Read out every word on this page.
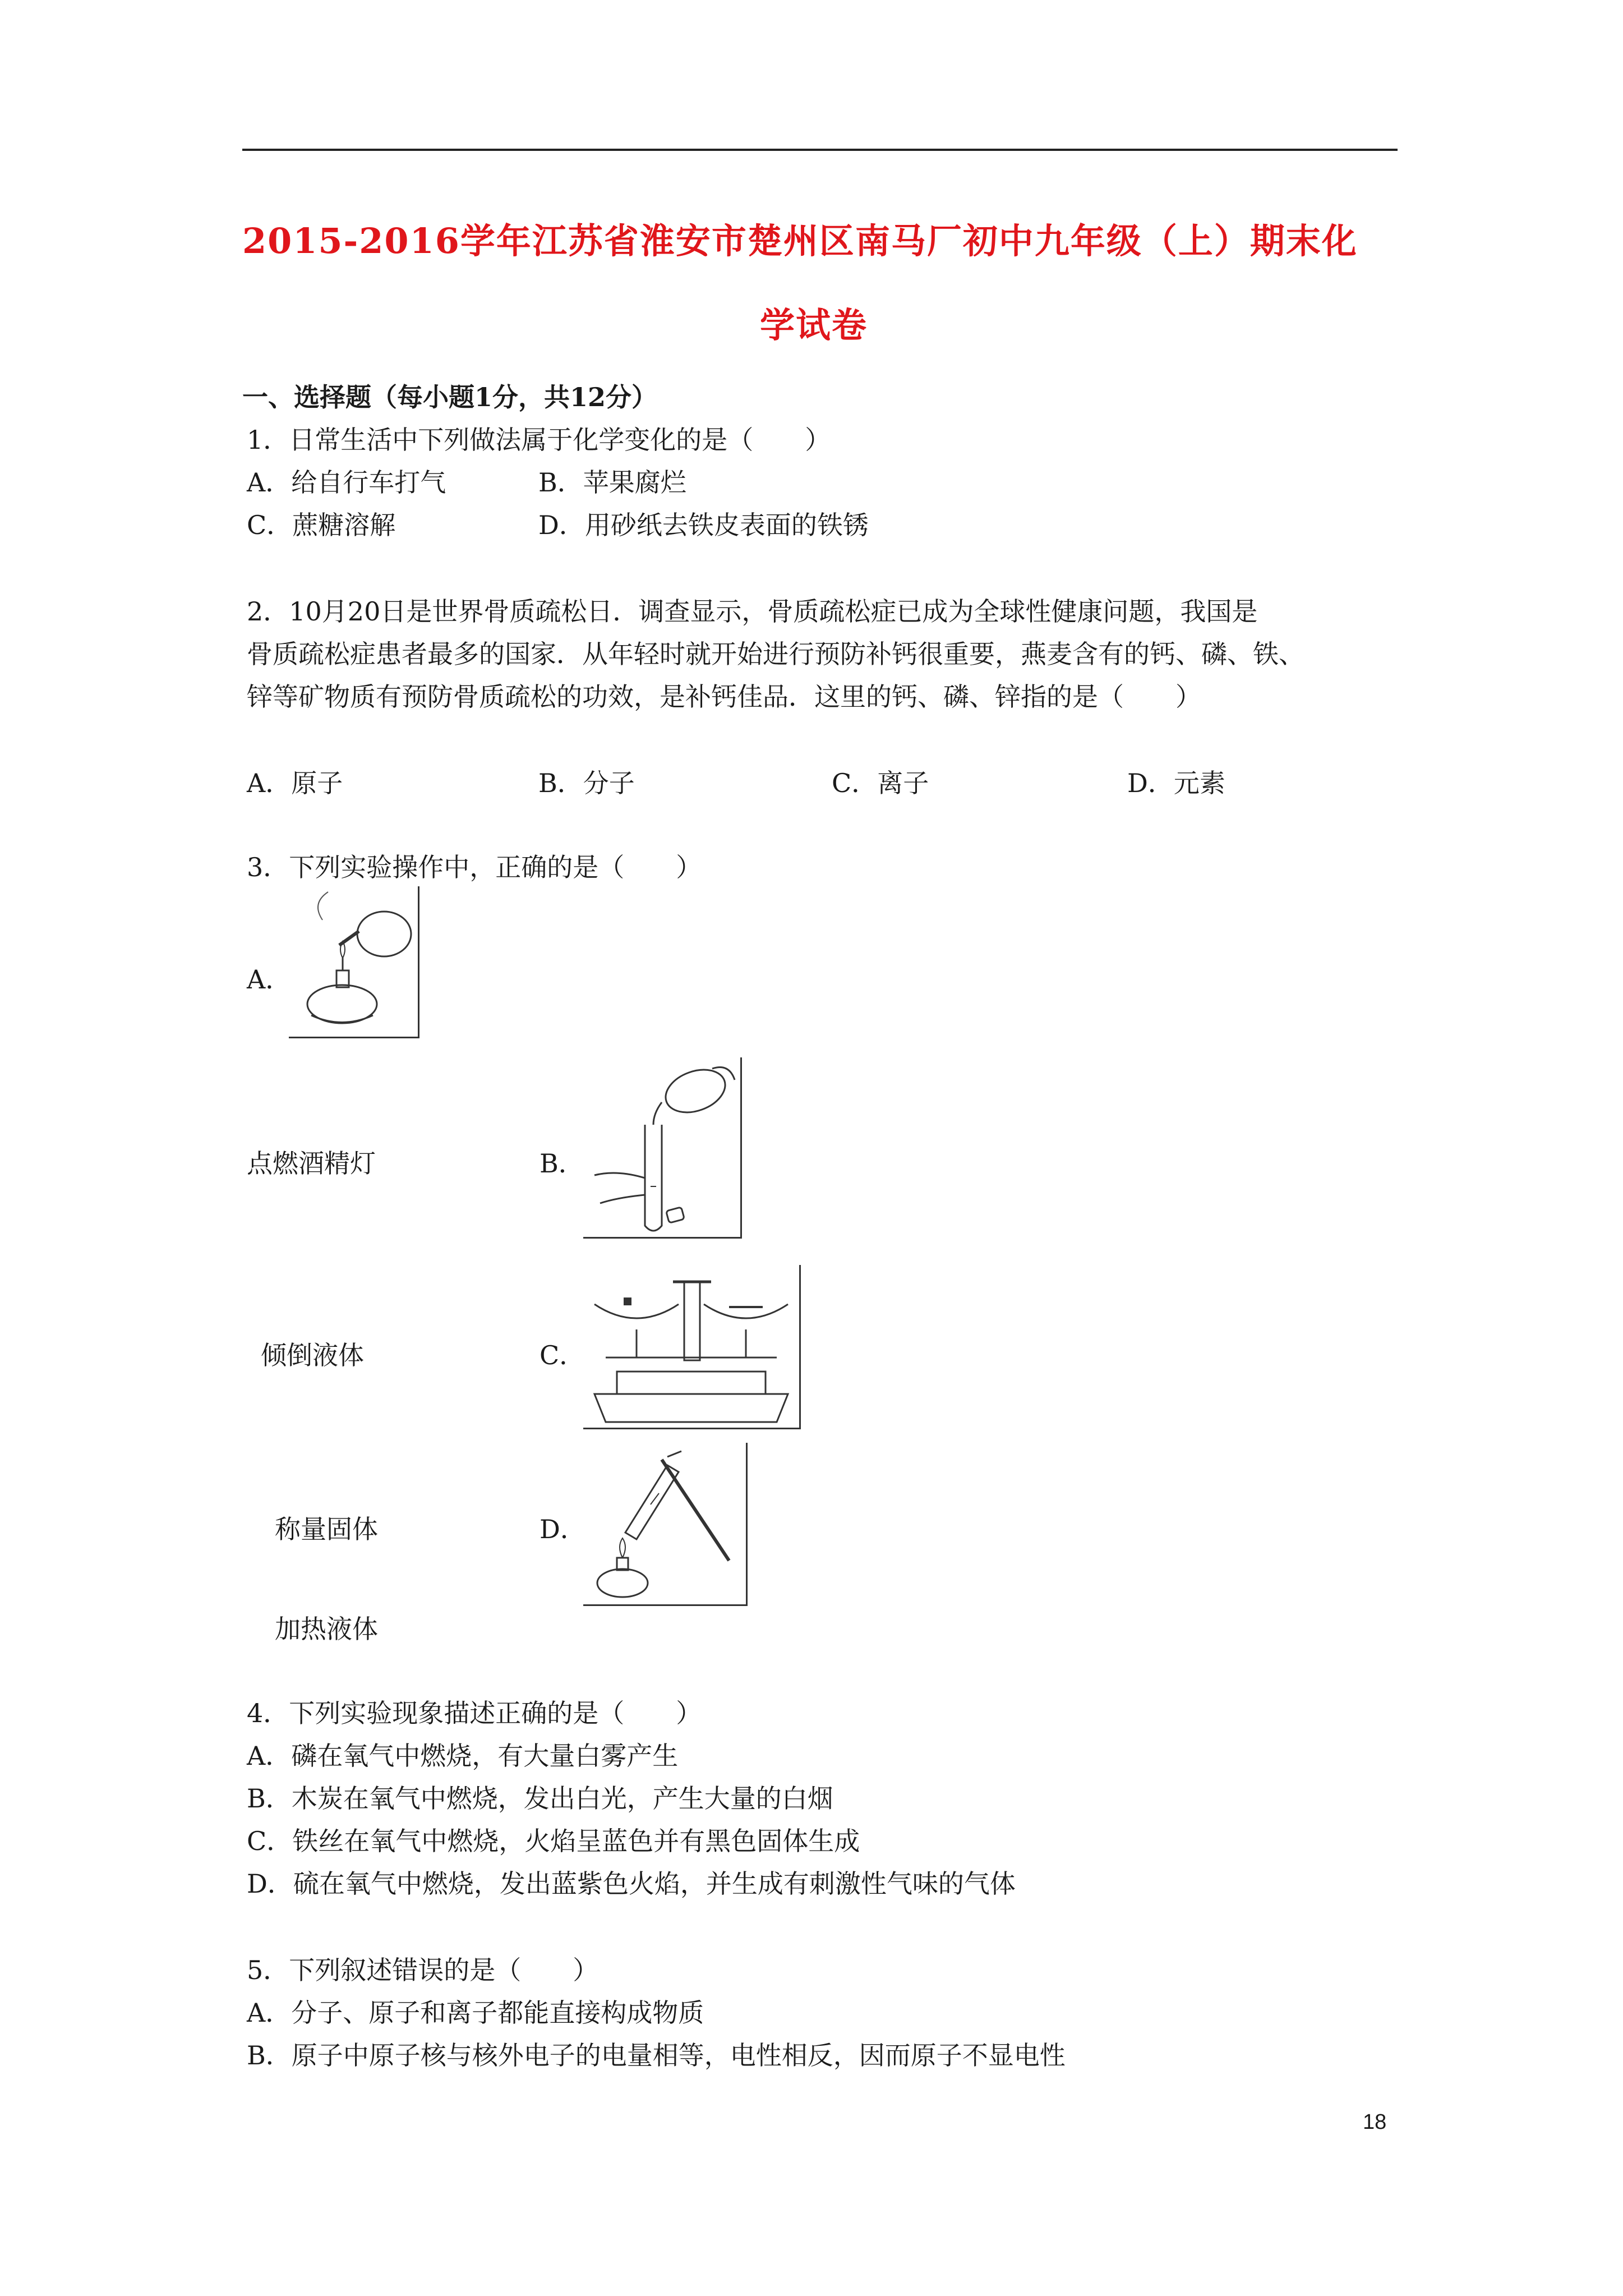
2015-2016学年江苏省淮安市楚州区南马厂初中九年级（上）期末化
学试卷
一、选择题（每小题1分，共12分）
1．日常生活中下列做法属于化学变化的是（　　）
A．给自行车打气	B．苹果腐烂
C．蔗糖溶解	D．用砂纸去铁皮表面的铁锈
2．10月20日是世界骨质疏松日．调查显示，骨质疏松症已成为全球性健康问题，我国是
骨质疏松症患者最多的国家．从年轻时就开始进行预防补钙很重要，燕麦含有的钙、磷、铁、
锌等矿物质有预防骨质疏松的功效，是补钙佳品．这里的钙、磷、锌指的是（　　）
A．原子	B．分子	C．离子	D．元素
3．下列实验操作中，正确的是（　　）
A．
点燃酒精灯	B．
倾倒液体	C．
称量固体	D．
加热液体
4．下列实验现象描述正确的是（　　）
A．磷在氧气中燃烧，有大量白雾产生
B．木炭在氧气中燃烧，发出白光，产生大量的白烟
C．铁丝在氧气中燃烧，火焰呈蓝色并有黑色固体生成
D．硫在氧气中燃烧，发出蓝紫色火焰，并生成有刺激性气味的气体
5．下列叙述错误的是（　　）
A．分子、原子和离子都能直接构成物质
B．原子中原子核与核外电子的电量相等，电性相反，因而原子不显电性
18
